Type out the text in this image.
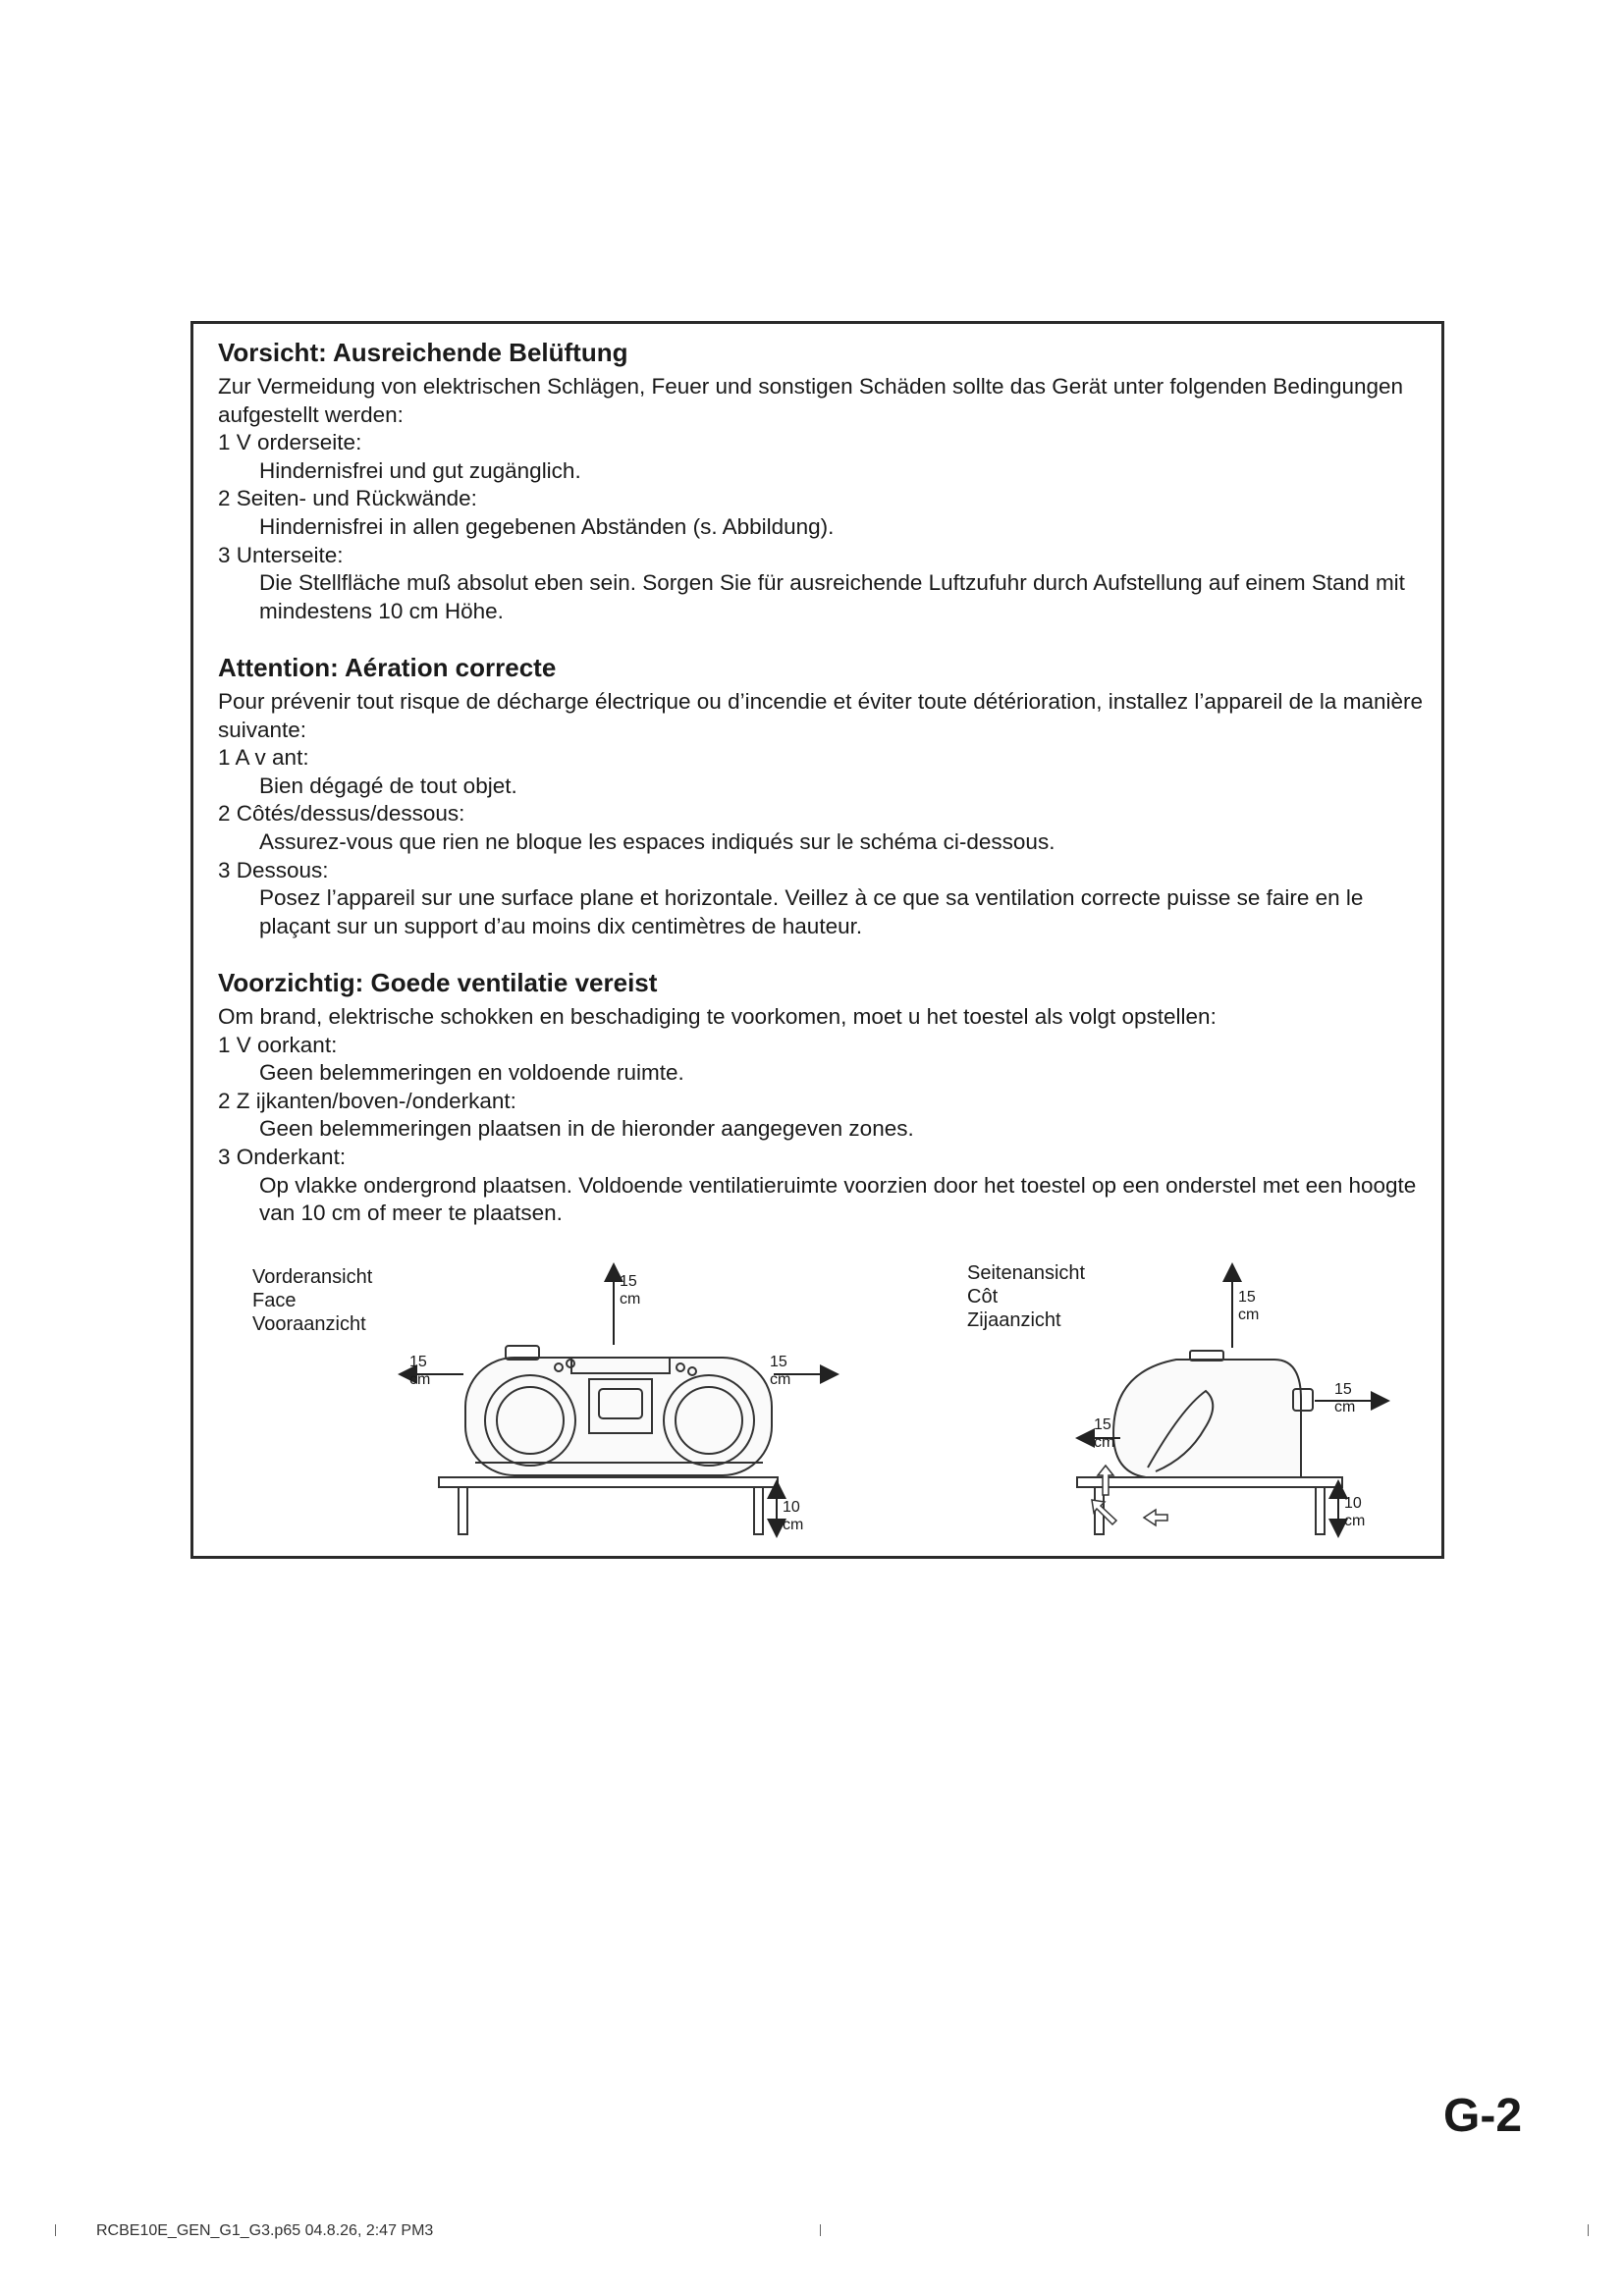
Vorsicht: Ausreichende Belüftung

Zur Vermeidung von elektrischen Schlägen, Feuer und sonstigen Schäden sollte das Gerät unter folgenden Bedingungen aufgestellt werden:

1 V orderseite:

Hindernisfrei und gut zugänglich.

2 Seiten- und Rückwände:

Hindernisfrei in allen gegebenen Abständen (s. Abbildung).

3 Unterseite:

Die Stellfläche muß absolut eben sein. Sorgen Sie für ausreichende Luftzufuhr durch Aufstellung auf einem Stand mit mindestens 10 cm Höhe.

Attention: Aération correcte

Pour prévenir tout risque de décharge électrique ou d’incendie et éviter toute détérioration, installez l’appareil de la manière suivante:

1 A v ant:

Bien dégagé de tout objet.

2 Côtés/dessus/dessous:

Assurez-vous que rien ne bloque les espaces indiqués sur le schéma ci-dessous.

3 Dessous:

Posez l’appareil sur une surface plane et horizontale. Veillez à ce que sa ventilation correcte puisse se faire en le plaçant sur un support d’au moins dix centimètres de hauteur.

Voorzichtig: Goede ventilatie vereist

Om brand, elektrische schokken en beschadiging te voorkomen, moet u het toestel als volgt opstellen:

1 V oorkant:

Geen belemmeringen en voldoende ruimte.

2 Z ijkanten/boven-/onderkant:

Geen belemmeringen plaatsen in de hieronder aangegeven zones.

3 Onderkant:

Op vlakke ondergrond plaatsen. Voldoende ventilatieruimte voorzien door het toestel op een onderstel met een hoogte van 10 cm of meer te plaatsen.

Vorderansicht
Face
Vooraanzicht
15 cm
15 cm
15 cm
10 cm
Seitenansicht
Côt
Zijaanzicht
15 cm
15 cm
15 cm
10 cm
G-2
RCBE10E_GEN_G1_G3.p65 04.8.26, 2:47 PM3
